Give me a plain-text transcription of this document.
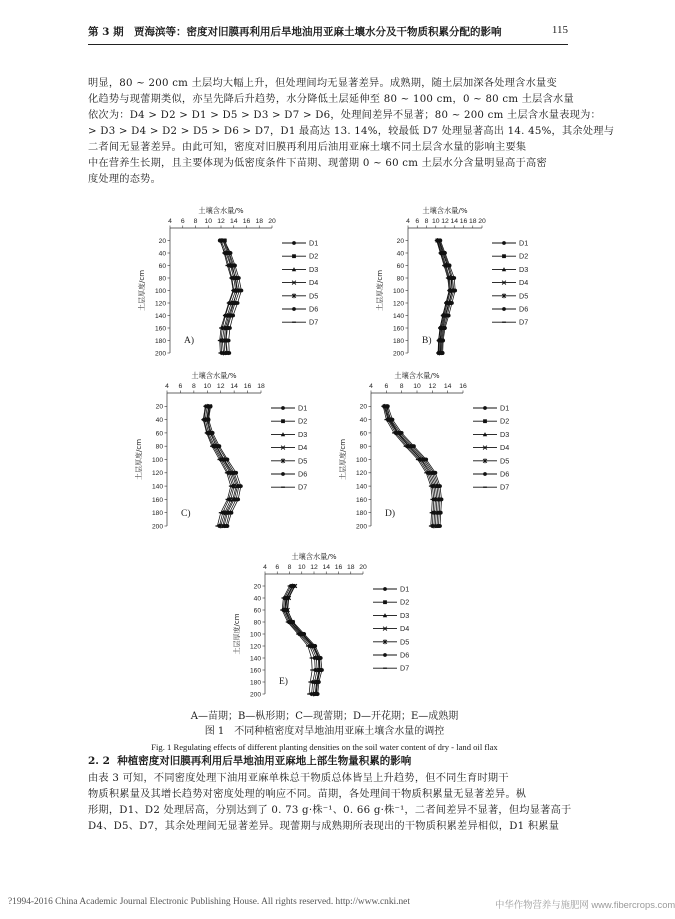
第 3 期 贾海滨等：密度对旧膜再利用后旱地油用亚麻土壤水分及干物质积累分配的影响	115
明显，80 ~ 200 cm 土层均大幅上升，但处理间均无显著差异。成熟期，随土层加深各处理含水量变
化趋势与现蕾期类似，亦呈先降后升趋势，水分降低土层延伸至 80 ~ 100 cm，0 ~ 80 cm 土层含水量
依次为：D4 > D2 > D1 > D5 > D3 > D7 > D6，处理间差异不显著；80 ~ 200 cm 土层含水量表现为：
> D3 > D4 > D2 > D5 > D6 > D7，D1 最高达 13. 14%，较最低 D7 处理显著高出 14. 45%，其余处理与
二者间无显著差异。由此可知，密度对旧膜再利用后油用亚麻土壤不同土层含水量的影响主要集
中在营养生长期，且主要体现为低密度条件下苗期、现蕾期 0 ~ 60 cm 土层水分含量明显高于高密
度处理的态势。
4 6 8 10 12 14 16 18 20
土壤含水量/%
20
40
60
80
100
120
140
160
180
200
土层厚度/cm
D1
D2
D3
D4
D5
D6
D7
A)
4 6 8 10 12 14 16 18 20
土壤含水量/%
20
40
60
80
100
120
140
160
180
200
土层厚度/cm
D1
D2
D3
D4
D5
D6
D7
B)
4 6 8 10 12 14 16 18
土壤含水量/%
20
40
60
80
100
120
140
160
180
200
土层厚度/cm
D1
D2
D3
D4
D5
D6
D7
C)
4 6 8 10 12 14 16
土壤含水量/%
20
40
60
80
100
120
140
160
180
200
土层厚度/cm
D1
D2
D3
D4
D5
D6
D7
D)
4 6 8 10 12 14 16 18 20
土壤含水量/%
20
40
60
80
100
120
140
160
180
200
土层厚度/cm
D1
D2
D3
D4
D5
D6
D7
E)
A—苗期；B—枞形期；C—现蕾期；D—开花期；E—成熟期
图 1　不同种植密度对旱地油用亚麻土壤含水量的调控
Fig. 1 Regulating effects of different planting densities on the soil water content of dry - land oil flax
2. 2 种植密度对旧膜再利用后旱地油用亚麻地上部生物量积累的影响
由表 3 可知，不同密度处理下油用亚麻单株总干物质总体皆呈上升趋势，但不同生育时期干
物质积累量及其增长趋势对密度处理的响应不同。苗期，各处理间干物质积累量无显著差异。枞
形期，D1、D2 处理居高，分别达到了 0. 73 g·株⁻¹、0. 66 g·株⁻¹，二者间差异不显著，但均显著高于
D4、D5、D7，其余处理间无显著差异。现蕾期与成熟期所表现出的干物质积累差异相似，D1 积累量
?1994-2016 China Academic Journal Electronic Publishing House. All rights reserved. http://www.cnki.net	中华作物营养与施肥网 www.fibercrops.com
